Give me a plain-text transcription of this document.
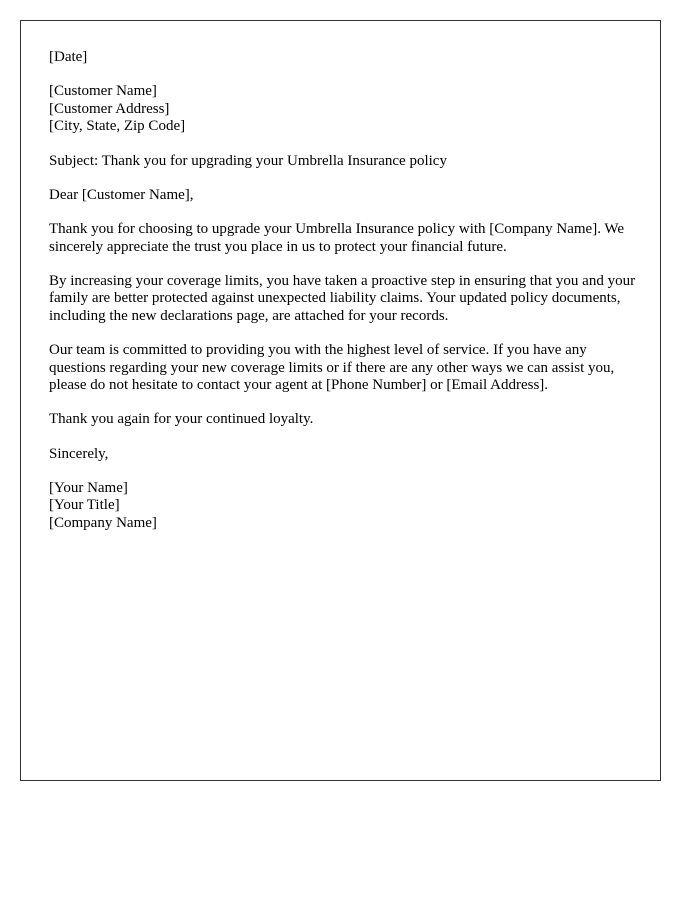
[Date]

[Customer Name]
[Customer Address]
[City, State, Zip Code]

Subject: Thank you for upgrading your Umbrella Insurance policy

Dear [Customer Name],

Thank you for choosing to upgrade your Umbrella Insurance policy with [Company Name]. We sincerely appreciate the trust you place in us to protect your financial future.

By increasing your coverage limits, you have taken a proactive step in ensuring that you and your family are better protected against unexpected liability claims. Your updated policy documents, including the new declarations page, are attached for your records.

Our team is committed to providing you with the highest level of service. If you have any questions regarding your new coverage limits or if there are any other ways we can assist you, please do not hesitate to contact your agent at [Phone Number] or [Email Address].

Thank you again for your continued loyalty.

Sincerely,

[Your Name]
[Your Title]
[Company Name]
